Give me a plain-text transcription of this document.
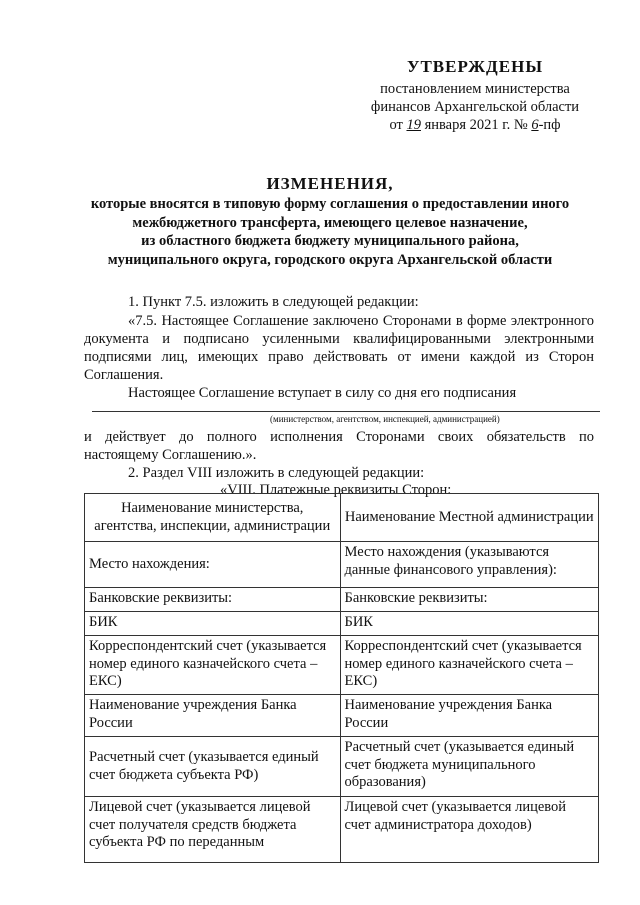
УТВЕРЖДЕНЫ
постановлением министерства
финансов Архангельской области
от 19 января 2021 г. № 6-пф
ИЗМЕНЕНИЯ,
которые вносятся в типовую форму соглашения о предоставлении иного
межбюджетного трансферта, имеющего целевое назначение,
из областного бюджета бюджету муниципального района,
муниципального округа, городского округа Архангельской области
1. Пункт 7.5. изложить в следующей редакции:
«7.5. Настоящее Соглашение заключено Сторонами в форме электронного документа и подписано усиленными квалифицированными электронными подписями лиц, имеющих право действовать от имени каждой из Сторон Соглашения.
Настоящее Соглашение вступает в силу со дня его подписания
(министерством, агентством, инспекцией, администрацией)
и действует до полного исполнения Сторонами своих обязательств по настоящему Соглашению.».
2. Раздел VIII изложить в следующей редакции:
«VIII. Платежные реквизиты Сторон:
Наименование министерства, агентства, инспекции, администрации	Наименование Местной администрации
Место нахождения:	Место нахождения (указываются данные финансового управления):
Банковские реквизиты:	Банковские реквизиты:
БИК	БИК
Корреспондентский счет (указывается номер единого казначейского счета – ЕКС)	Корреспондентский счет (указывается номер единого казначейского счета – ЕКС)
Наименование учреждения Банка России	Наименование учреждения Банка России
Расчетный счет (указывается единый счет бюджета субъекта РФ)	Расчетный счет (указывается единый счет бюджета муниципального образования)
Лицевой счет (указывается лицевой счет получателя средств бюджета субъекта РФ по переданным	Лицевой счет (указывается лицевой счет администратора доходов)
